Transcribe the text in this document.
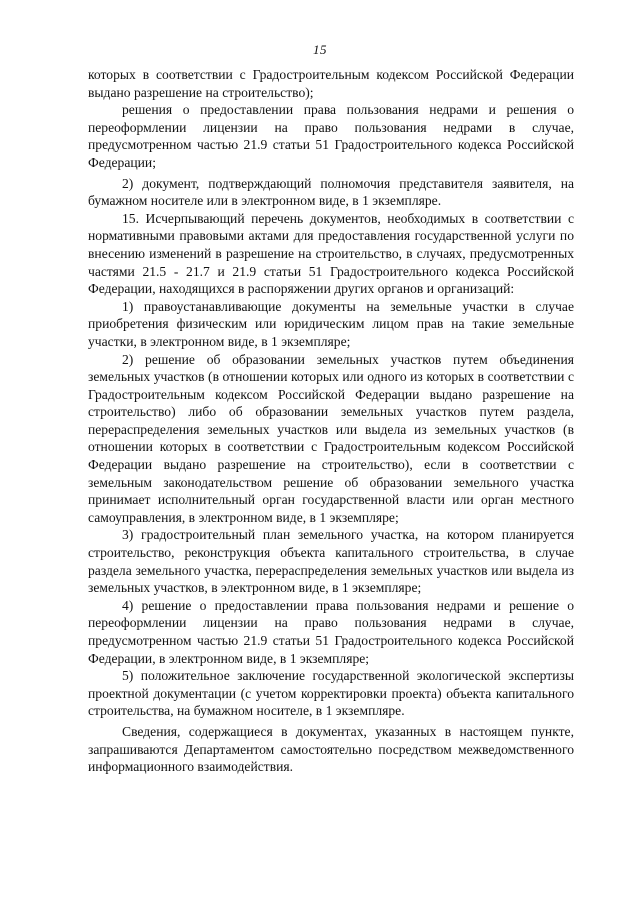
15

которых в соответствии с Градостроительным кодексом Российской Федерации выдано разрешение на строительство);

решения о предоставлении права пользования недрами и решения о переоформлении лицензии на право пользования недрами в случае, предусмотренном частью 21.9 статьи 51 Градостроительного кодекса Российской Федерации;

2) документ, подтверждающий полномочия представителя заявителя, на бумажном носителе или в электронном виде, в 1 экземпляре.

15. Исчерпывающий перечень документов, необходимых в соответствии с нормативными правовыми актами для предоставления государственной услуги по внесению изменений в разрешение на строительство, в случаях, предусмотренных частями 21.5 - 21.7 и 21.9 статьи 51 Градостроительного кодекса Российской Федерации, находящихся в распоряжении других органов и организаций:

1) правоустанавливающие документы на земельные участки в случае приобретения физическим или юридическим лицом прав на такие земельные участки, в электронном виде, в 1 экземпляре;

2) решение об образовании земельных участков путем объединения земельных участков (в отношении которых или одного из которых в соответствии с Градостроительным кодексом Российской Федерации выдано разрешение на строительство) либо об образовании земельных участков путем раздела, перераспределения земельных участков или выдела из земельных участков (в отношении которых в соответствии с Градостроительным кодексом Российской Федерации выдано разрешение на строительство), если в соответствии с земельным законодательством решение об образовании земельного участка принимает исполнительный орган государственной власти или орган местного самоуправления, в электронном виде, в 1 экземпляре;

3) градостроительный план земельного участка, на котором планируется строительство, реконструкция объекта капитального строительства, в случае раздела земельного участка, перераспределения земельных участков или выдела из земельных участков, в электронном виде, в 1 экземпляре;

4) решение о предоставлении права пользования недрами и решение о переоформлении лицензии на право пользования недрами в случае, предусмотренном частью 21.9 статьи 51 Градостроительного кодекса Российской Федерации, в электронном виде, в 1 экземпляре;

5) положительное заключение государственной экологической экспертизы проектной документации (с учетом корректировки проекта) объекта капитального строительства, на бумажном носителе, в 1 экземпляре.

Сведения, содержащиеся в документах, указанных в настоящем пункте, запрашиваются Департаментом самостоятельно посредством межведомственного информационного взаимодействия.
